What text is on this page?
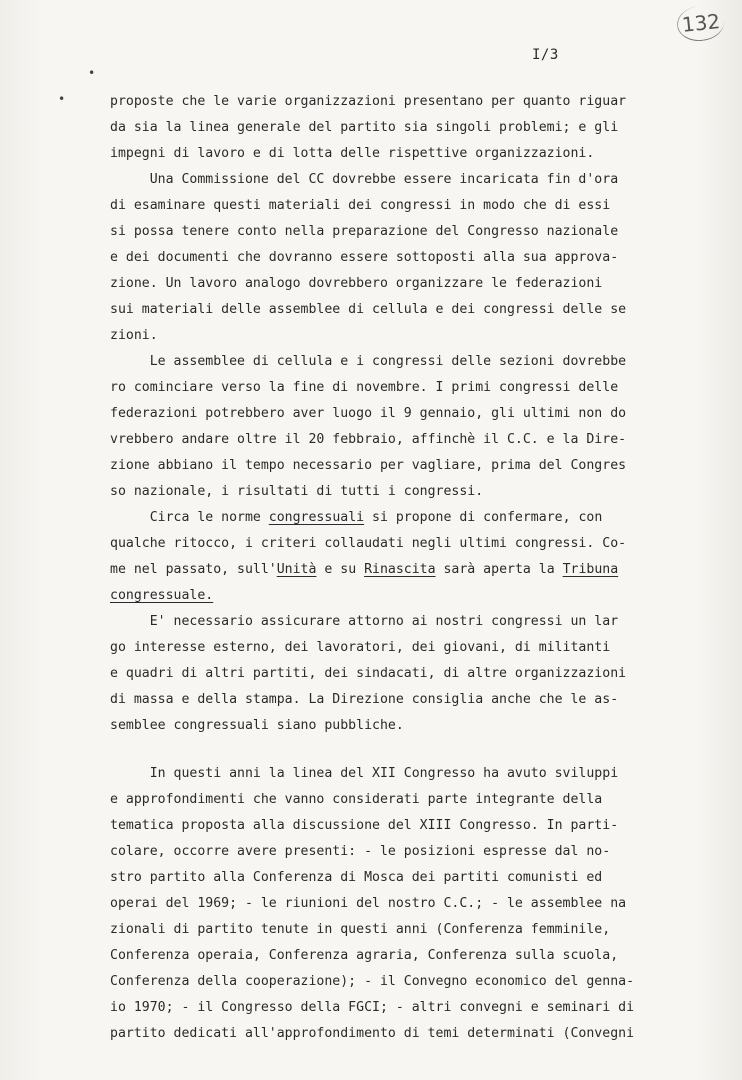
132
I/3
•
•	proposte che le varie organizzazioni presentano per quanto riguar
da sia la linea generale del partito sia singoli problemi; e gli
impegni di lavoro e di lotta delle rispettive organizzazioni.
Una Commissione del CC dovrebbe essere incaricata fin d'ora
di esaminare questi materiali dei congressi in modo che di essi
si possa tenere conto nella preparazione del Congresso nazionale
e dei documenti che dovranno essere sottoposti alla sua approva-
zione. Un lavoro analogo dovrebbero organizzare le federazioni
sui materiali delle assemblee di cellula e dei congressi delle se
zioni.
Le assemblee di cellula e i congressi delle sezioni dovrebbe
ro cominciare verso la fine di novembre. I primi congressi delle
federazioni potrebbero aver luogo il 9 gennaio, gli ultimi non do
vrebbero andare oltre il 20 febbraio, affinchè il C.C. e la Dire-
zione abbiano il tempo necessario per vagliare, prima del Congres
so nazionale, i risultati di tutti i congressi.
Circa le norme congressuali si propone di confermare, con
qualche ritocco, i criteri collaudati negli ultimi congressi. Co-
me nel passato, sull'Unità e su Rinascita sarà aperta la Tribuna
congressuale.
E' necessario assicurare attorno ai nostri congressi un lar
go interesse esterno, dei lavoratori, dei giovani, di militanti
e quadri di altri partiti, dei sindacati, di altre organizzazioni
di massa e della stampa. La Direzione consiglia anche che le as-
semblee congressuali siano pubbliche.
In questi anni la linea del XII Congresso ha avuto sviluppi
e approfondimenti che vanno considerati parte integrante della
tematica proposta alla discussione del XIII Congresso. In parti-
colare, occorre avere presenti: - le posizioni espresse dal no-
stro partito alla Conferenza di Mosca dei partiti comunisti ed
operai del 1969; - le riunioni del nostro C.C.; - le assemblee na
zionali di partito tenute in questi anni (Conferenza femminile,
Conferenza operaia, Conferenza agraria, Conferenza sulla scuola,
Conferenza della cooperazione); - il Convegno economico del genna-
io 1970; - il Congresso della FGCI; - altri convegni e seminari di
partito dedicati all'approfondimento di temi determinati (Convegni
